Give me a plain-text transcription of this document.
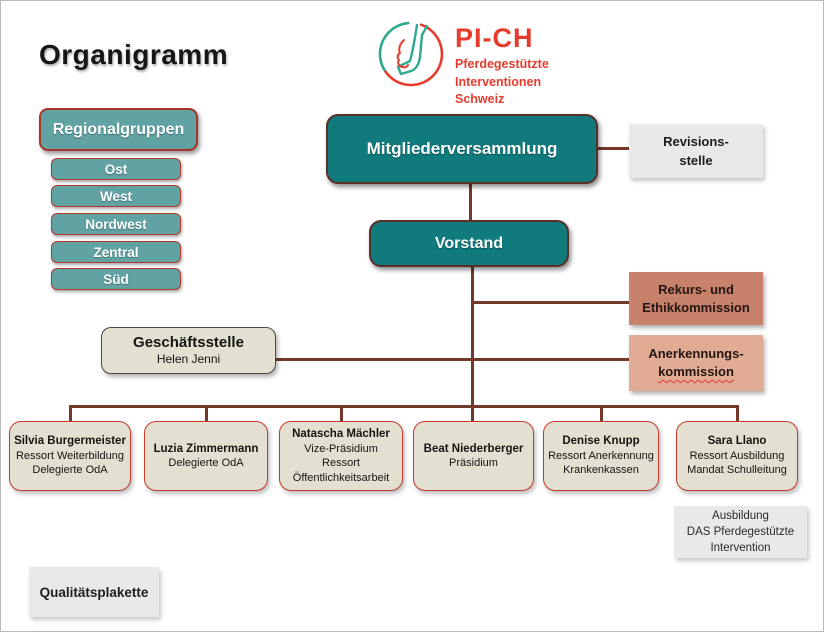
Organigramm
PI-CH
Pferdegestützte
Interventionen
Schweiz
Regionalgruppen
Ost
West
Nordwest
Zentral
Süd
Mitgliederversammlung	Revisions-
stelle
Vorstand
Rekurs- und
Ethikkommission
Anerkennungs-
kommission
Geschäftsstelle
Helen Jenni
Silvia Burgermeister
Ressort Weiterbildung
Delegierte OdA
Luzia Zimmermann
Delegierte OdA
Natascha Mächler
Vize-Präsidium
Ressort
Öffentlichkeitsarbeit
Beat Niederberger
Präsidium
Denise Knupp
Ressort Anerkennung
Krankenkassen
Sara Llano
Ressort Ausbildung
Mandat Schulleitung
Ausbildung
DAS Pferdegestützte
Intervention
Qualitätsplakette
